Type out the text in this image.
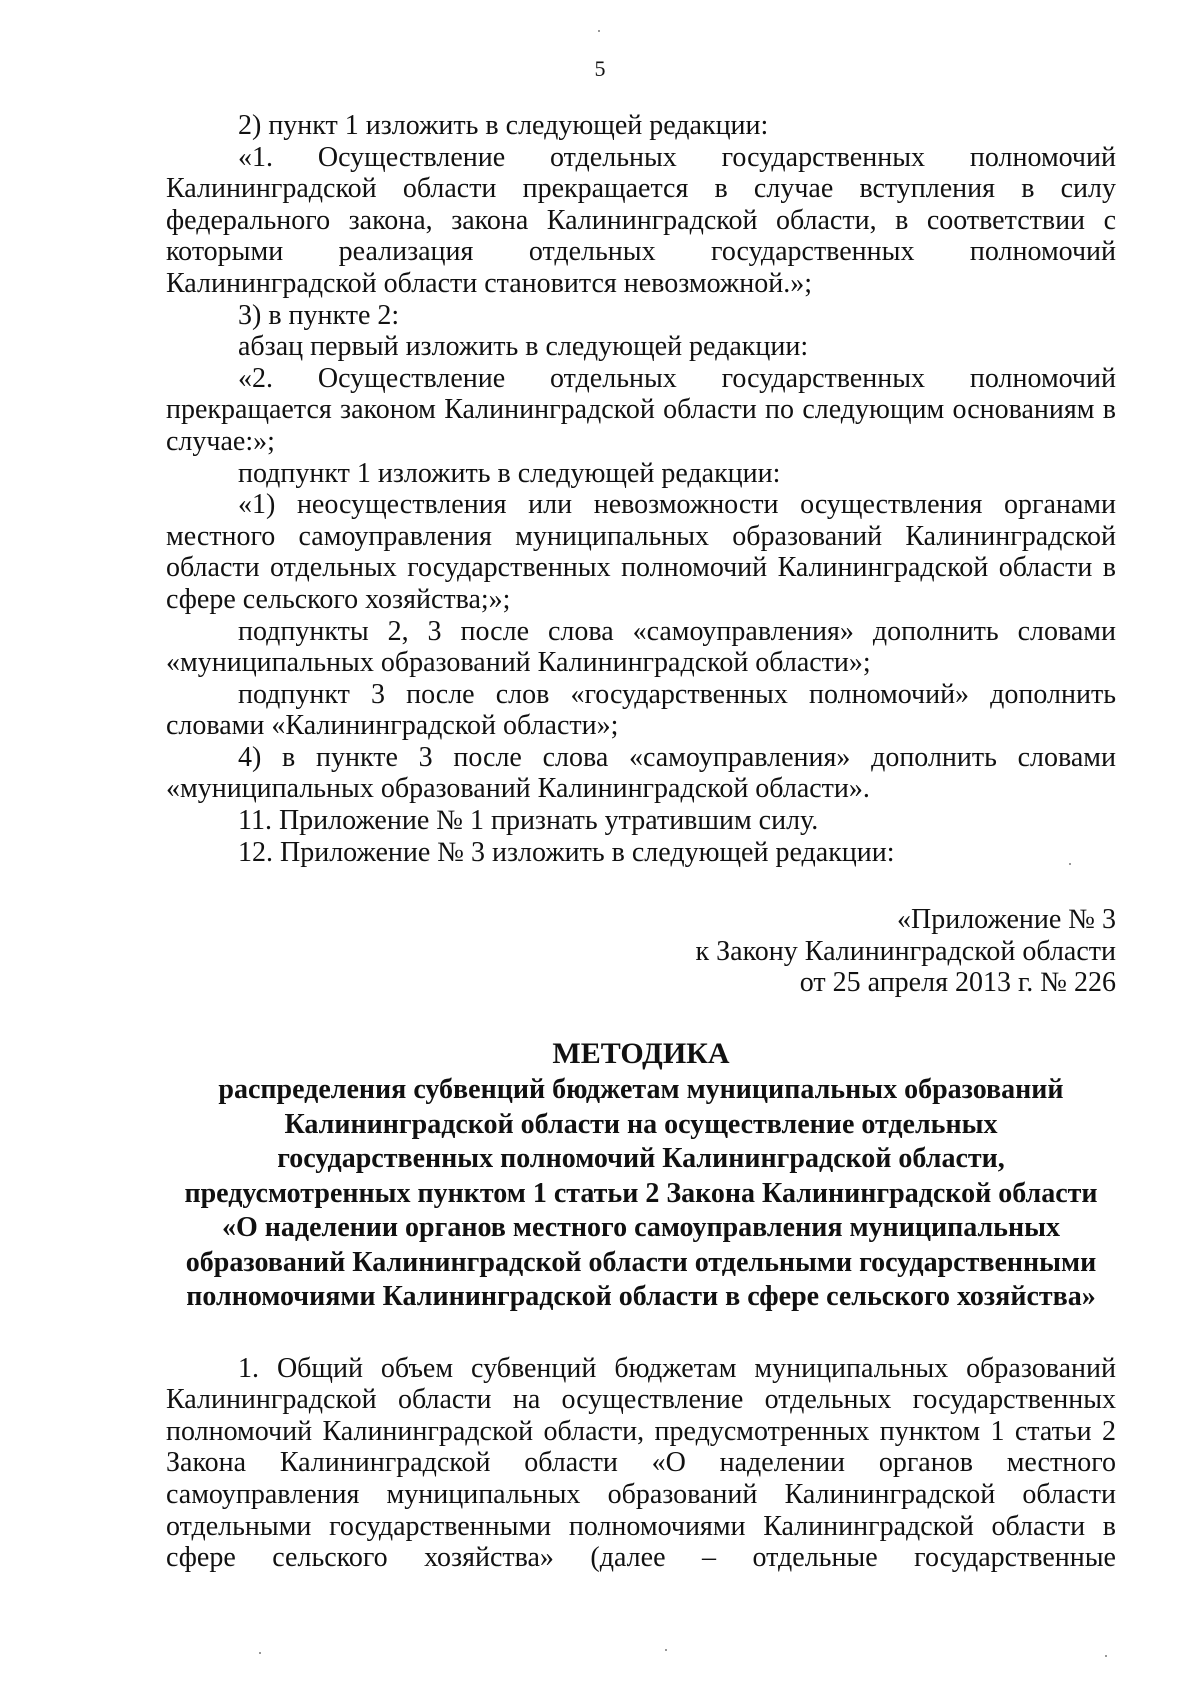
5

2) пункт 1 изложить в следующей редакции:

«1. Осуществление отдельных государственных полномочий Калининградской области прекращается в случае вступления в силу федерального закона, закона Калининградской области, в соответствии с которыми реализация отдельных государственных полномочий Калининградской области становится невозможной.»;

3) в пункте 2:

абзац первый изложить в следующей редакции:

«2. Осуществление отдельных государственных полномочий прекращается законом Калининградской области по следующим основаниям в случае:»;

подпункт 1 изложить в следующей редакции:

«1) неосуществления или невозможности осуществления органами местного самоуправления муниципальных образований Калининградской области отдельных государственных полномочий Калининградской области в сфере сельского хозяйства;»;

подпункты 2, 3 после слова «самоуправления» дополнить словами «муниципальных образований Калининградской области»;

подпункт 3 после слов «государственных полномочий» дополнить словами «Калининградской области»;

4) в пункте 3 после слова «самоуправления» дополнить словами «муниципальных образований Калининградской области».

11. Приложение № 1 признать утратившим силу.

12. Приложение № 3 изложить в следующей редакции:

«Приложение № 3
к Закону Калининградской области
от 25 апреля 2013 г. № 226
МЕТОДИКА
распределения субвенций бюджетам муниципальных образований
Калининградской области на осуществление отдельных
государственных полномочий Калининградской области,
предусмотренных пунктом 1 статьи 2 Закона Калининградской области
«О наделении органов местного самоуправления муниципальных
образований Калининградской области отдельными государственными
полномочиями Калининградской области в сфере сельского хозяйства»

1. Общий объем субвенций бюджетам муниципальных образований Калининградской области на осуществление отдельных государственных полномочий Калининградской области, предусмотренных пунктом 1 статьи 2 Закона Калининградской области «О наделении органов местного самоуправления муниципальных образований Калининградской области отдельными государственными полномочиями Калининградской области в сфере сельского хозяйства» (далее – отдельные государственные
